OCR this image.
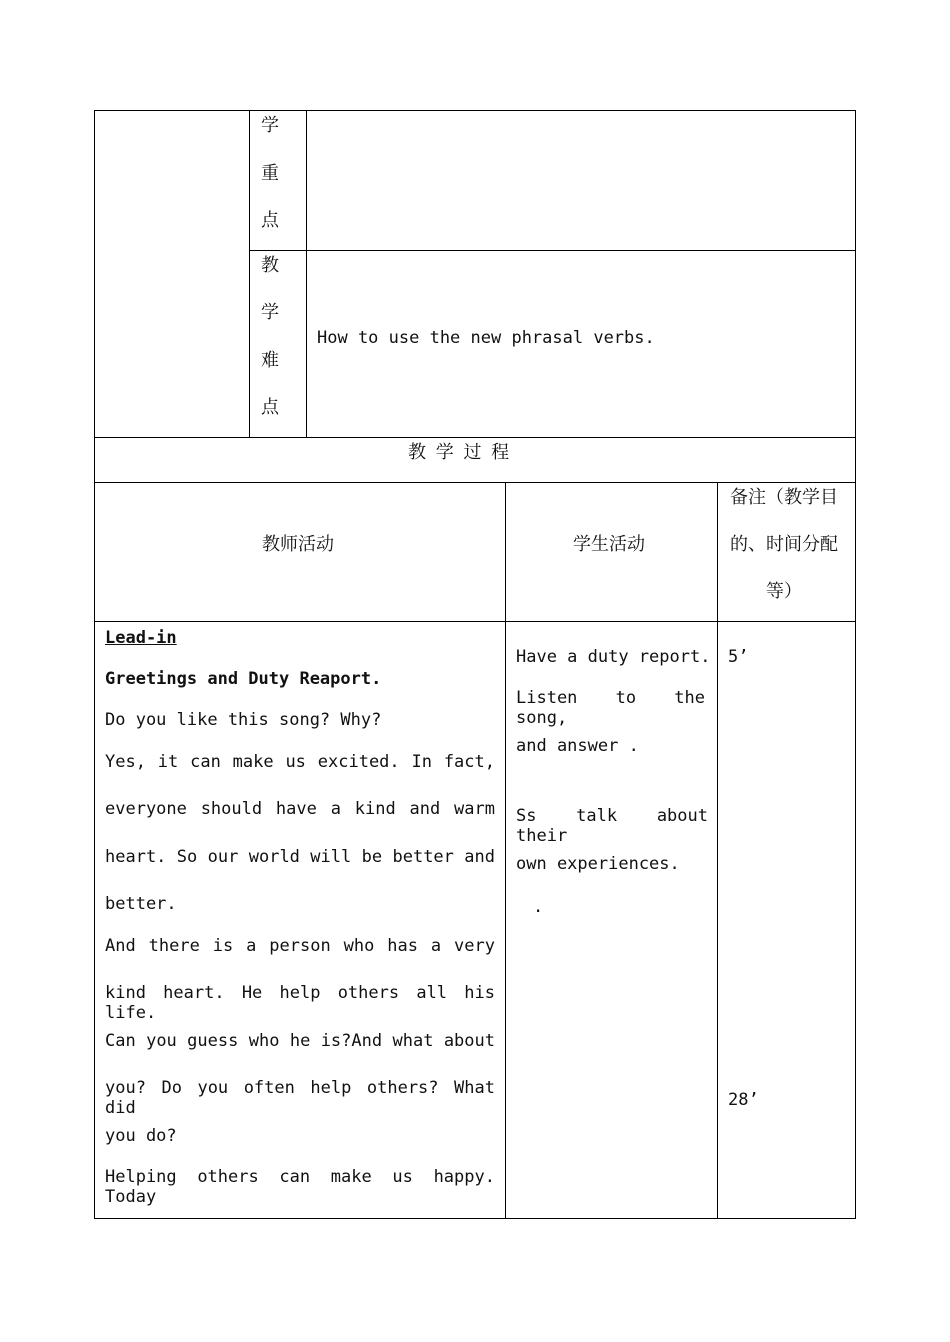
学
重
点
教
学
难
点
How to use the new phrasal verbs.
教 学 过 程
教师活动	学生活动
备注（教学目
的、时间分配
等）
Lead-in
Greetings and Duty Reaport.
Do you like this song? Why?
Yes, it can make us excited. In fact,
everyone should have a kind and warm
heart. So our world will be better and
better.
And there is a person who has a very
kind heart. He help others all his life.
Can you guess who he is?And what about
you? Do you often help others? What did
you do?
Helping others can make us happy. Today
Have a duty report.
Listen to the song,
and answer .
Ss talk about their
own experiences.
.
5’
28’
